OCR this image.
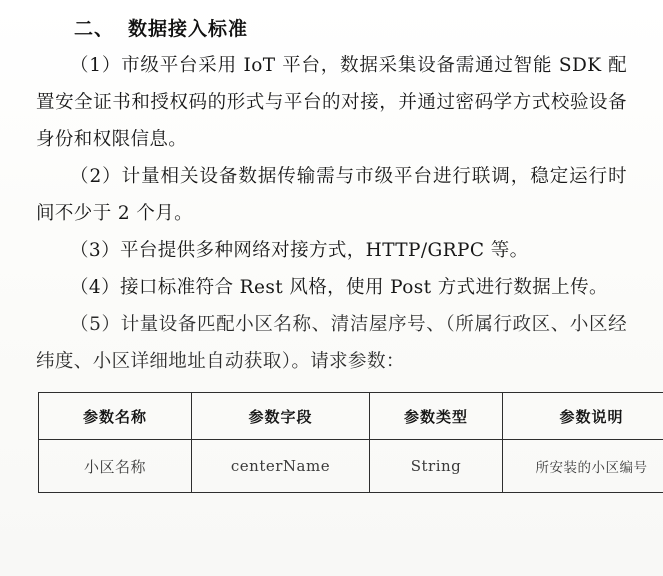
二、 数据接入标准

（1）市级平台采用 IoT 平台，数据采集设备需通过智能 SDK 配置安全证书和授权码的形式与平台的对接，并通过密码学方式校验设备身份和权限信息。

（2）计量相关设备数据传输需与市级平台进行联调，稳定运行时间不少于 2 个月。

（3）平台提供多种网络对接方式，HTTP/GRPC 等。

（4）接口标准符合 Rest 风格，使用 Post 方式进行数据上传。

（5）计量设备匹配小区名称、清洁屋序号、（所属行政区、小区经纬度、小区详细地址自动获取）。请求参数：

参数名称	参数字段	参数类型	参数说明
小区名称	centerName	String	所安装的小区编号
